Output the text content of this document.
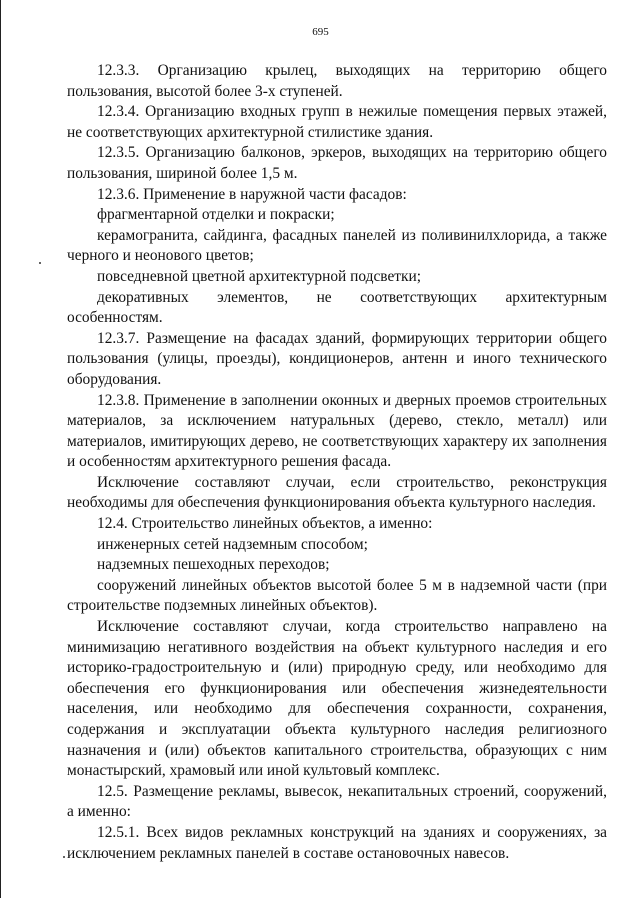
695

12.3.3. Организацию крылец, выходящих на территорию общего пользования, высотой более 3-х ступеней.

12.3.4. Организацию входных групп в нежилые помещения первых этажей, не соответствующих архитектурной стилистике здания.

12.3.5. Организацию балконов, эркеров, выходящих на территорию общего пользования, шириной более 1,5 м.

12.3.6. Применение в наружной части фасадов:

фрагментарной отделки и покраски;

керамогранита, сайдинга, фасадных панелей из поливинилхлорида, а также черного и неонового цветов;

повседневной цветной архитектурной подсветки;

декоративных элементов, не соответствующих архитектурным особенностям.

12.3.7. Размещение на фасадах зданий, формирующих территории общего пользования (улицы, проезды), кондиционеров, антенн и иного технического оборудования.

12.3.8. Применение в заполнении оконных и дверных проемов строительных материалов, за исключением натуральных (дерево, стекло, металл) или материалов, имитирующих дерево, не соответствующих характеру их заполнения и особенностям архитектурного решения фасада.

Исключение составляют случаи, если строительство, реконструкция необходимы для обеспечения функционирования объекта культурного наследия.

12.4. Строительство линейных объектов, а именно:

инженерных сетей надземным способом;

надземных пешеходных переходов;

сооружений линейных объектов высотой более 5 м в надземной части (при строительстве подземных линейных объектов).

Исключение составляют случаи, когда строительство направлено на минимизацию негативного воздействия на объект культурного наследия и его историко-градостроительную и (или) природную среду, или необходимо для обеспечения его функционирования или обеспечения жизнедеятельности населения, или необходимо для обеспечения сохранности, сохранения, содержания и эксплуатации объекта культурного наследия религиозного назначения и (или) объектов капитального строительства, образующих с ним монастырский, храмовый или иной культовый комплекс.

12.5. Размещение рекламы, вывесок, некапитальных строений, сооружений, а именно:

12.5.1. Всех видов рекламных конструкций на зданиях и сооружениях, за исключением рекламных панелей в составе остановочных навесов.
